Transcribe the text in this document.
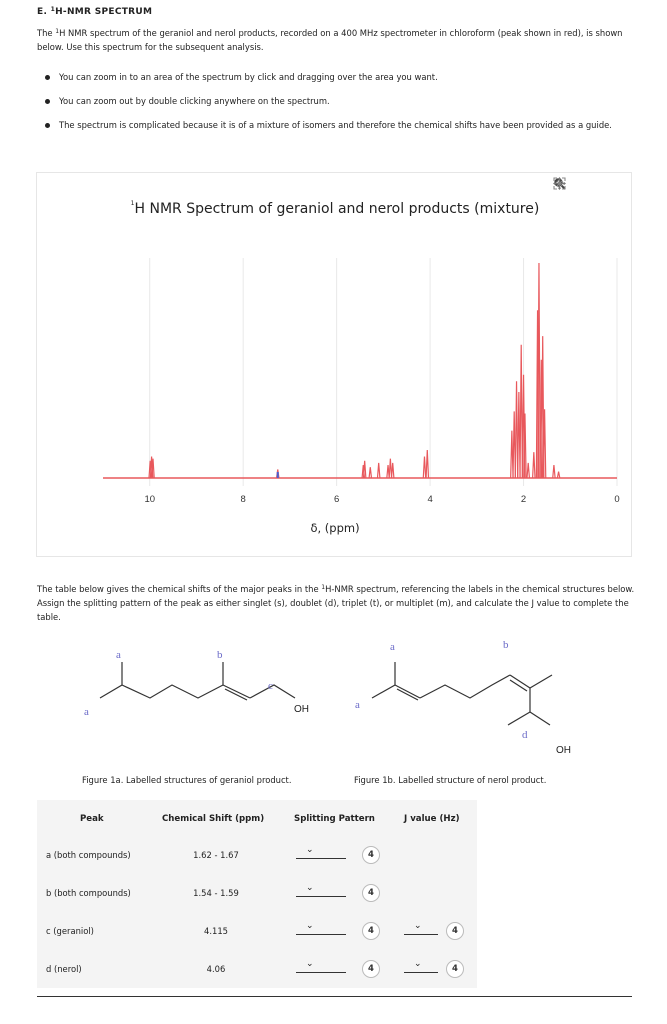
E. $^1$H-NMR SPECTRUM
The $^1$H NMR spectrum of the geraniol and nerol products, recorded on a 400 MHz spectrometer in chloroform (peak shown in red), is shown below. Use this spectrum for the subsequent analysis.
You can zoom in to an area of the spectrum by click and dragging over the area you want.
You can zoom out by double clicking anywhere on the spectrum.
The spectrum is complicated because it is of a mixture of isomers and therefore the chemical shifts have been provided as a guide.
$^1$H NMR Spectrum of geraniol and nerol products (mixture)
10	8	6	4	2	0
δ, (ppm)
The table below gives the chemical shifts of the major peaks in the $^1$H-NMR spectrum, referencing the labels in the chemical structures below. Assign the splitting pattern of the peak as either singlet (s), doublet (d), triplet (t), or multiplet (m), and calculate the J value to complete the table.
a
a
b
c
a
a
b
d
OH
OH
Figure 1a. Labelled structures of geraniol product.	Figure 1b. Labelled structure of nerol product.
Peak	Chemical Shift (ppm)	Splitting Pattern	J value (Hz)
a (both compounds)	1.62 - 1.67	⌄	4
b (both compounds)	1.54 - 1.59	⌄	4
c (geraniol)	4.115	⌄	4	⌄	4
d (nerol)	4.06	⌄	4	⌄	4
